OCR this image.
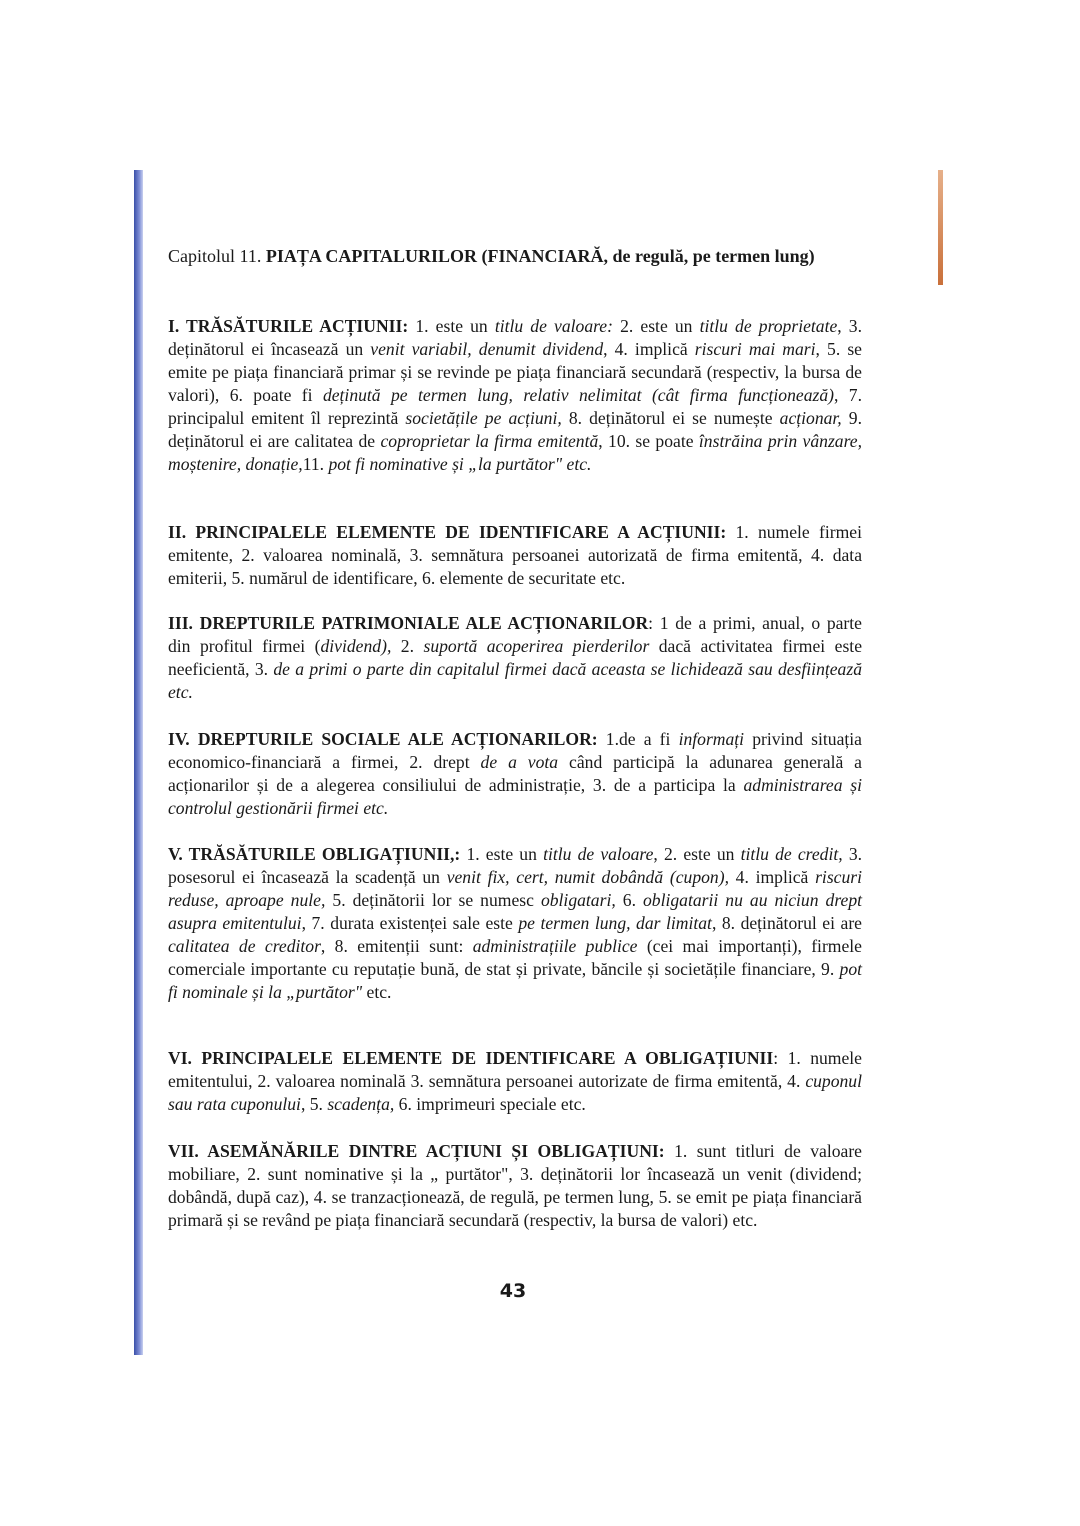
Capitolul 11. PIAȚA CAPITALURILOR (FINANCIARĂ, de regulă, pe termen lung)
I. TRĂSĂTURILE ACȚIUNII: 1. este un titlu de valoare: 2. este un titlu de proprietate, 3. deținătorul ei încasează un venit variabil, denumit dividend, 4. implică riscuri mai mari, 5. se emite pe piața financiară primar și se revinde pe piața financiară secundară (respectiv, la bursa de valori), 6. poate fi deținută pe termen lung, relativ nelimitat (cât firma funcționează), 7. principalul emitent îl reprezintă societățile pe acțiuni, 8. deținătorul ei se numește acționar, 9. deținătorul ei are calitatea de coproprietar la firma emitentă, 10. se poate înstrăina prin vânzare, moștenire, donație,11. pot fi nominative și „la purtător" etc.
II. PRINCIPALELE ELEMENTE DE IDENTIFICARE A ACȚIUNII: 1. numele firmei emitente, 2. valoarea nominală, 3. semnătura persoanei autorizată de firma emitentă, 4. data emiterii, 5. numărul de identificare, 6. elemente de securitate etc.
III. DREPTURILE PATRIMONIALE ALE ACȚIONARILOR: 1 de a primi, anual, o parte din profitul firmei (dividend), 2. suportă acoperirea pierderilor dacă activitatea firmei este neeficientă, 3. de a primi o parte din capitalul firmei dacă aceasta se lichidează sau desființează etc.
IV. DREPTURILE SOCIALE ALE ACȚIONARILOR: 1.de a fi informați privind situația economico-financiară a firmei, 2. drept de a vota când participă la adunarea generală a acționarilor și de a alegerea consiliului de administrație, 3. de a participa la administrarea și controlul gestionării firmei etc.
V. TRĂSĂTURILE OBLIGAȚIUNII,: 1. este un titlu de valoare, 2. este un titlu de credit, 3. posesorul ei încasează la scadență un venit fix, cert, numit dobândă (cupon), 4. implică riscuri reduse, aproape nule, 5. deținătorii lor se numesc obligatari, 6. obligatarii nu au niciun drept asupra emitentului, 7. durata existenței sale este pe termen lung, dar limitat, 8. deținătorul ei are calitatea de creditor, 8. emitenții sunt: administrațiile publice (cei mai importanți), firmele comerciale importante cu reputație bună, de stat și private, băncile și societățile financiare, 9. pot fi nominale și la „purtător" etc.
VI. PRINCIPALELE ELEMENTE DE IDENTIFICARE A OBLIGAȚIUNII: 1. numele emitentului, 2. valoarea nominală 3. semnătura persoanei autorizate de firma emitentă, 4. cuponul sau rata cuponului, 5. scadența, 6. imprimeuri speciale etc.
VII. ASEMĂNĂRILE DINTRE ACȚIUNI ȘI OBLIGAȚIUNI: 1. sunt titluri de valoare mobiliare, 2. sunt nominative și la „ purtător", 3. deținătorii lor încasează un venit (dividend; dobândă, după caz), 4. se tranzacționează, de regulă, pe termen lung, 5. se emit pe piața financiară primară și se revând pe piața financiară secundară (respectiv, la bursa de valori) etc.
43
